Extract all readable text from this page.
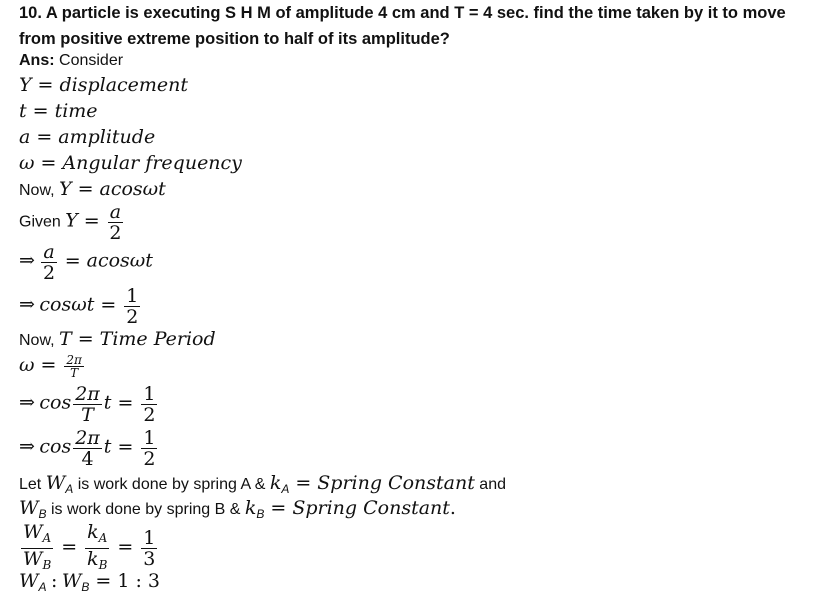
10. A particle is executing S H M of amplitude 4 cm and T = 4 sec. find the time taken by it to move
from positive extreme position to half of its amplitude?
Ans: Consider
Y = displacement
t = time
a = amplitude
ω = Angular frequency
Now, Y = acosωt
Given $Y = \frac{a}{2}$
⇒ $\frac{a}{2} = acos\omega t$
⇒ $\cos\omega t = \frac{1}{2}$
Now, T = Time Period
$\omega = \frac{2\pi}{T}$
⇒ $\cos \frac{2\pi}{T}$ $t = \frac{1}{2}$
⇒ $\cos \frac{2\pi}{4}$ $t = \frac{1}{2}$
Let $W_A$ is work done by spring A & $k_A$ = Spring Constant and
$W_B$ is work done by spring B & $k_B$ = Spring Constant.
$\frac{W_A}{W_B} = \frac{k_A}{k_B} = \frac{1}{3}$
$W_A$ : $W_B = 1$ : 3
